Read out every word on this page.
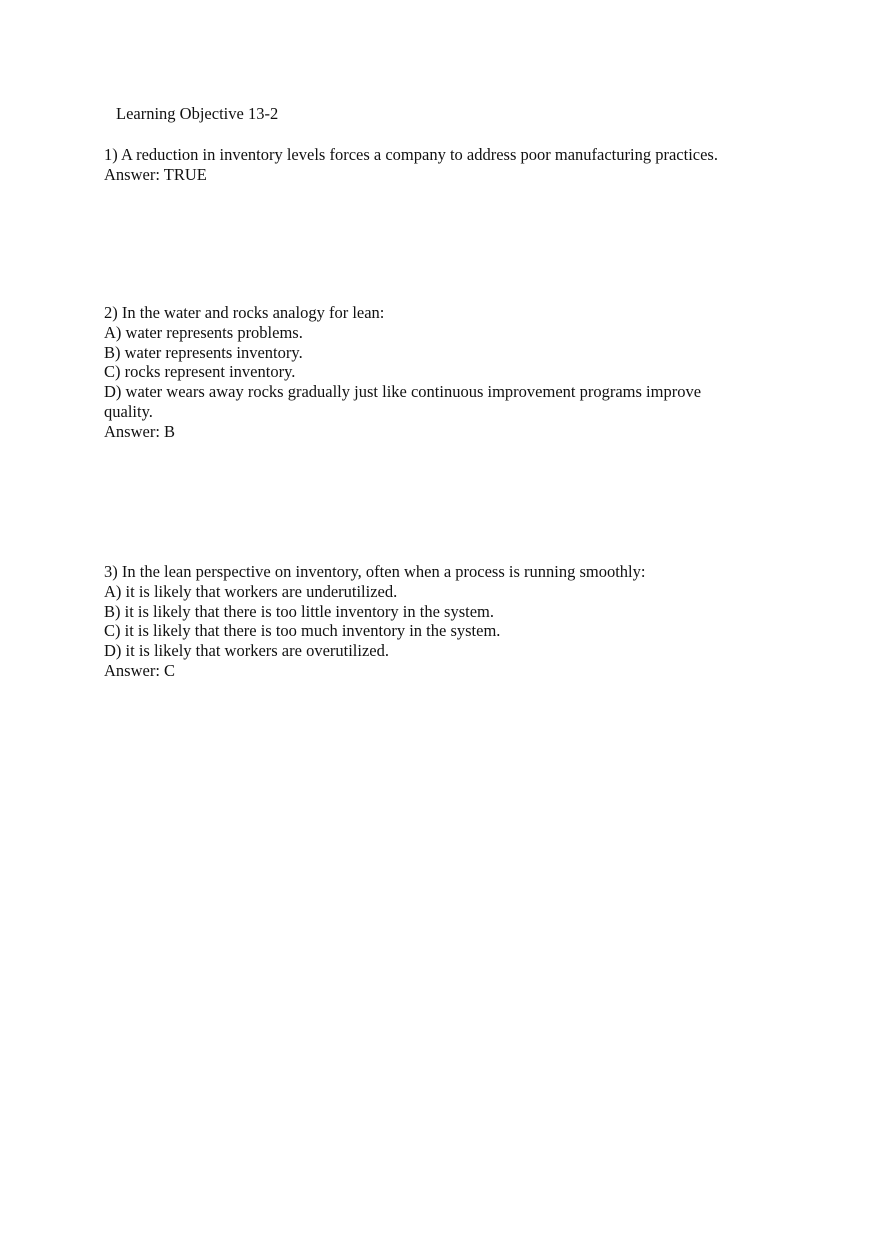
Learning Objective 13-2
1) A reduction in inventory levels forces a company to address poor manufacturing practices.
Answer: TRUE
2) In the water and rocks analogy for lean:
A) water represents problems.
B) water represents inventory.
C) rocks represent inventory.
D) water wears away rocks gradually just like continuous improvement programs improve quality.
Answer: B
3) In the lean perspective on inventory, often when a process is running smoothly:
A) it is likely that workers are underutilized.
B) it is likely that there is too little inventory in the system.
C) it is likely that there is too much inventory in the system.
D) it is likely that workers are overutilized.
Answer: C
